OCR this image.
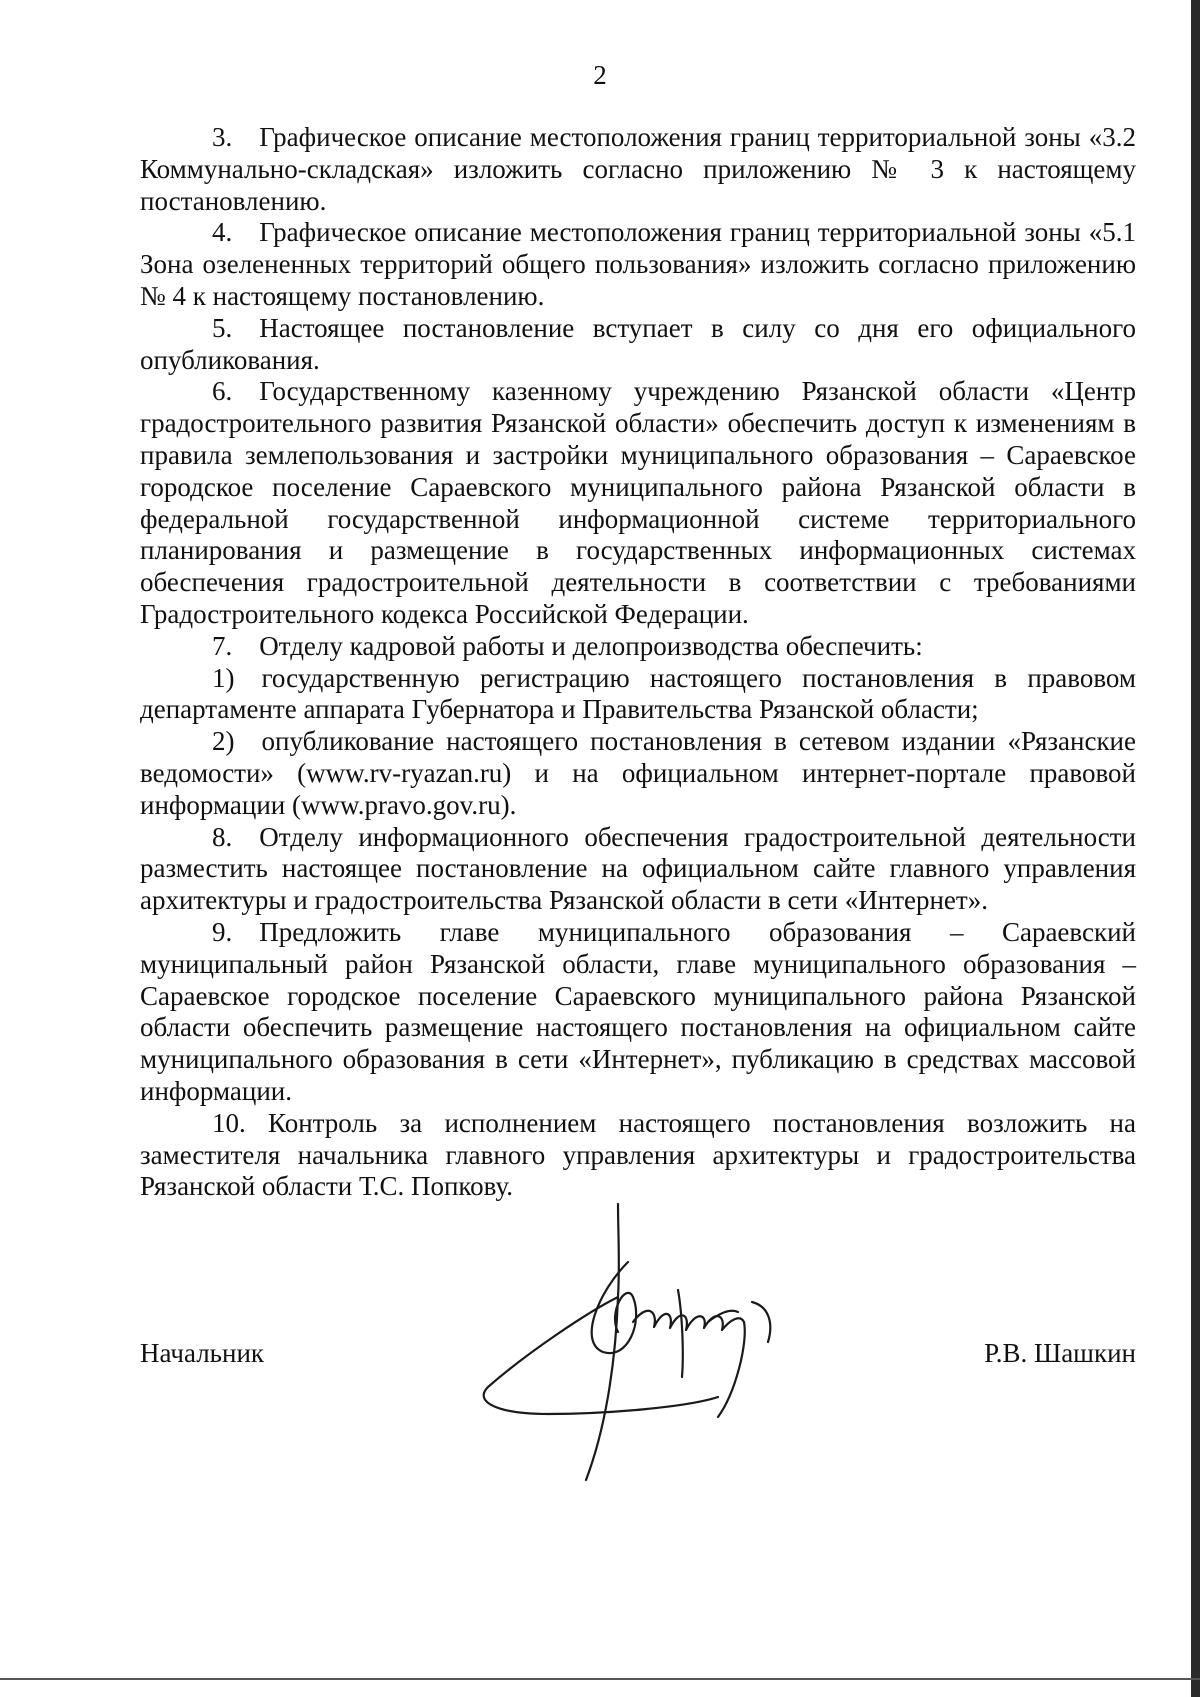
2

3. Графическое описание местоположения границ территориальной зоны «3.2 Коммунально-складская» изложить согласно приложению № 3 к настоящему постановлению.

4. Графическое описание местоположения границ территориальной зоны «5.1 Зона озелененных территорий общего пользования» изложить согласно приложению № 4 к настоящему постановлению.

5. Настоящее постановление вступает в силу со дня его официального опубликования.

6. Государственному казенному учреждению Рязанской области «Центр градостроительного развития Рязанской области» обеспечить доступ к изменениям в правила землепользования и застройки муниципального образования – Сараевское городское поселение Сараевского муниципального района Рязанской области в федеральной государственной информационной системе территориального планирования и размещение в государственных информационных системах обеспечения градостроительной деятельности в соответствии с требованиями Градостроительного кодекса Российской Федерации.

7. Отделу кадровой работы и делопроизводства обеспечить:

1) государственную регистрацию настоящего постановления в правовом департаменте аппарата Губернатора и Правительства Рязанской области;

2) опубликование настоящего постановления в сетевом издании «Рязанские ведомости» (www.rv-ryazan.ru) и на официальном интернет-портале правовой информации (www.pravo.gov.ru).

8. Отделу информационного обеспечения градостроительной деятельности разместить настоящее постановление на официальном сайте главного управления архитектуры и градостроительства Рязанской области в сети «Интернет».

9. Предложить главе муниципального образования – Сараевский муниципальный район Рязанской области, главе муниципального образования – Сараевское городское поселение Сараевского муниципального района Рязанской области обеспечить размещение настоящего постановления на официальном сайте муниципального образования в сети «Интернет», публикацию в средствах массовой информации.

10. Контроль за исполнением настоящего постановления возложить на заместителя начальника главного управления архитектуры и градостроительства Рязанской области Т.С. Попкову.

Начальник	Р.В. Шашкин
